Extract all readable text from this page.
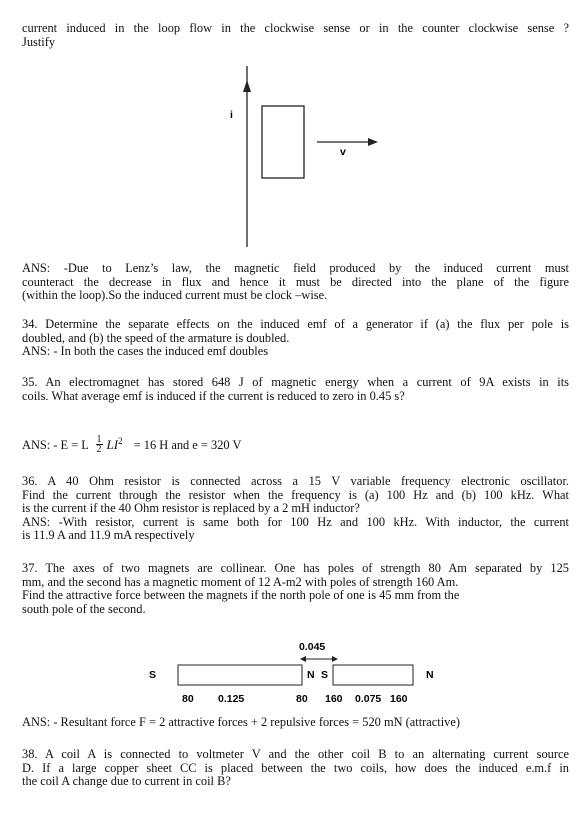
current induced in the loop flow in the clockwise sense or in the counter clockwise sense ?
Justify
i
v
ANS: -Due to Lenz’s law, the magnetic field produced by the induced current must
counteract the decrease in flux and hence it must be directed into the plane of the figure
(within the loop).So the induced current must be clock –wise.
34. Determine the separate effects on the induced emf of a generator if (a) the flux per pole is
doubled, and (b) the speed of the armature is doubled.
ANS: - In both the cases the induced emf doubles
35. An electromagnet has stored 648 J of magnetic energy when a current of 9A exists in its
coils. What average emf is induced if the current is reduced to zero in 0.45 s?
ANS: - E = L $\frac{1}{2} LI^2 = 16$ H and e = 320 V
36. A 40 Ohm resistor is connected across a 15 V variable frequency electronic oscillator.
Find the current through the resistor when the frequency is (a) 100 Hz and (b) 100 kHz. What
is the current if the 40 Ohm resistor is replaced by a 2 mH inductor?
ANS: -With resistor, current is same both for 100 Hz and 100 kHz. With inductor, the current
is 11.9 A and 11.9 mA respectively
37. The axes of two magnets are collinear. One has poles of strength 80 Am separated by 125
mm, and the second has a magnetic moment of 12 A-m2 with poles of strength 160 Am.
Find the attractive force between the magnets if the north pole of one is 45 mm from the
south pole of the second.
0.045
S	N S	N
80 0.125	80 160 0.075 160
ANS: - Resultant force F = 2 attractive forces + 2 repulsive forces = 520 mN (attractive)
38. A coil A is connected to voltmeter V and the other coil B to an alternating current source
D. If a large copper sheet CC is placed between the two coils, how does the induced e.m.f in
the coil A change due to current in coil B?
